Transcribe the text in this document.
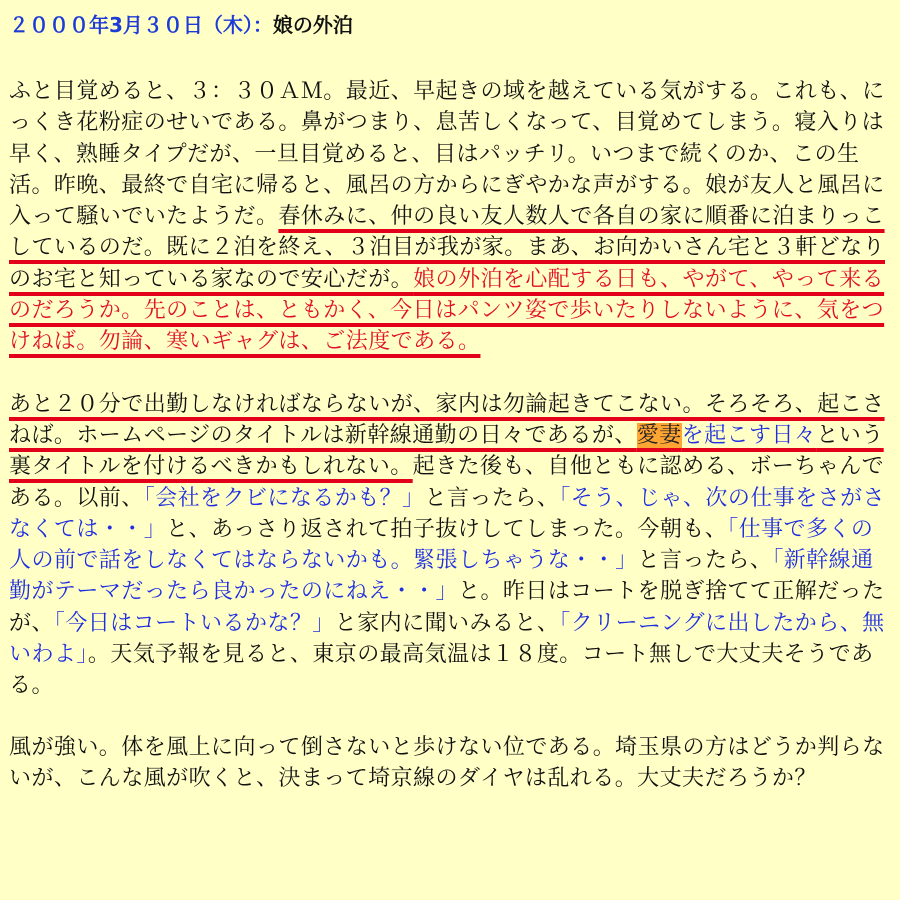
２０００年3月３０日（木）：娘の外泊

ふと目覚めると、３：３０ＡＭ。最近、早起きの域を越えている気がする。これも、にっくき花粉症のせいである。鼻がつまり、息苦しくなって、目覚めてしまう。寝入りは早く、熟睡タイプだが、一旦目覚めると、目はパッチリ。いつまで続くのか、この生活。昨晩、最終で自宅に帰ると、風呂の方からにぎやかな声がする。娘が友人と風呂に入って騒いでいたようだ。春休みに、仲の良い友人数人で各自の家に順番に泊まりっこしているのだ。既に２泊を終え、３泊目が我が家。まあ、お向かいさん宅と３軒どなりのお宅と知っている家なので安心だが。娘の外泊を心配する日も、やがて、やって来るのだろうか。先のことは、ともかく、今日はパンツ姿で歩いたりしないように、気をつけねば。勿論、寒いギャグは、ご法度である。

あと２０分で出勤しなければならないが、家内は勿論起きてこない。そろそろ、起こさねば。ホームページのタイトルは新幹線通勤の日々であるが、愛妻を起こす日々という裏タイトルを付けるべきかもしれない。起きた後も、自他ともに認める、ボーちゃんである。以前、「会社をクビになるかも？」と言ったら、「そう、じゃ、次の仕事をさがさなくては・・」と、あっさり返されて拍子抜けしてしまった。今朝も、「仕事で多くの人の前で話をしなくてはならないかも。緊張しちゃうな・・」と言ったら、「新幹線通勤がテーマだったら良かったのにねえ・・」と。昨日はコートを脱ぎ捨てて正解だったが、「今日はコートいるかな？」と家内に聞いみると、「クリーニングに出したから、無いわよ」。天気予報を見ると、東京の最高気温は１８度。コート無しで大丈夫そうである。

風が強い。体を風上に向って倒さないと歩けない位である。埼玉県の方はどうか判らないが、こんな風が吹くと、決まって埼京線のダイヤは乱れる。大丈夫だろうか？
